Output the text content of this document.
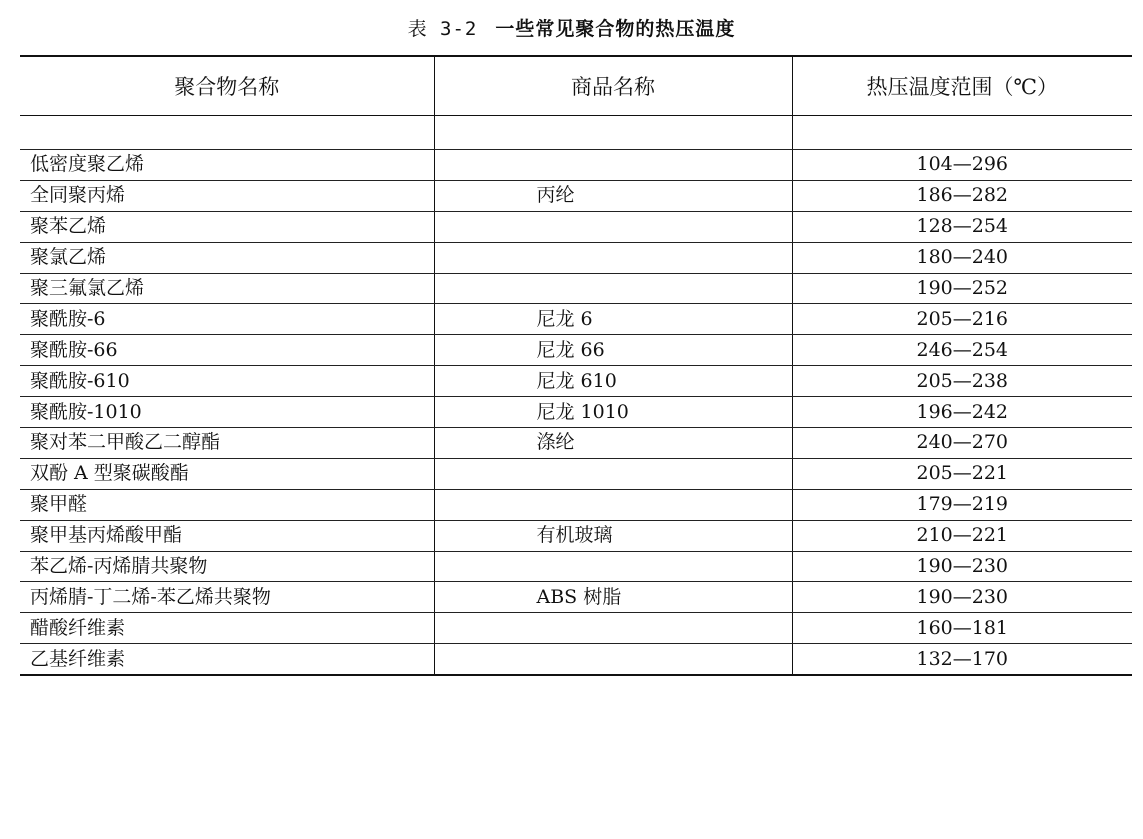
表 3-2 一些常见聚合物的热压温度
聚合物名称	商品名称	热压温度范围（℃）

低密度聚乙烯		104—296
全同聚丙烯	丙纶	186—282
聚苯乙烯		128—254
聚氯乙烯		180—240
聚三氟氯乙烯		190—252
聚酰胺-6	尼龙 6	205—216
聚酰胺-66	尼龙 66	246—254
聚酰胺-610	尼龙 610	205—238
聚酰胺-1010	尼龙 1010	196—242
聚对苯二甲酸乙二醇酯	涤纶	240—270
双酚 A 型聚碳酸酯		205—221
聚甲醛		179—219
聚甲基丙烯酸甲酯	有机玻璃	210—221
苯乙烯-丙烯腈共聚物		190—230
丙烯腈-丁二烯-苯乙烯共聚物	ABS 树脂	190—230
醋酸纤维素		160—181
乙基纤维素		132—170
